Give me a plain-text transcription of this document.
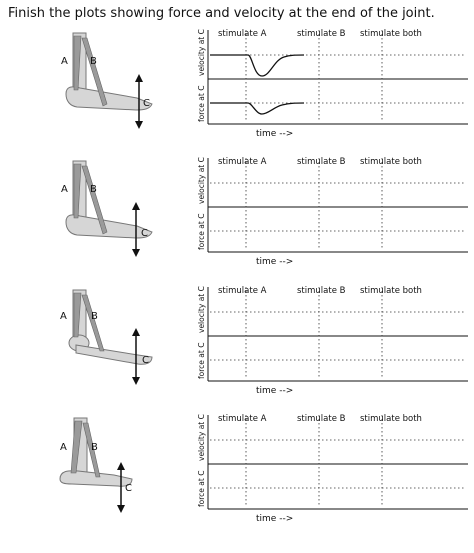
Finish the plots showing force and velocity at the end of the joint.
A B
C
stimulate A	stimulate B stimulate both
velocity at C
force at C
time -->
A B
C
stimulate A	stimulate B stimulate both
velocity at C
force at C
time -->
A B
C
stimulate A	stimulate B stimulate both
velocity at C
force at C
time -->
A B
C
stimulate A	stimulate B stimulate both
velocity at C
force at C
time -->
